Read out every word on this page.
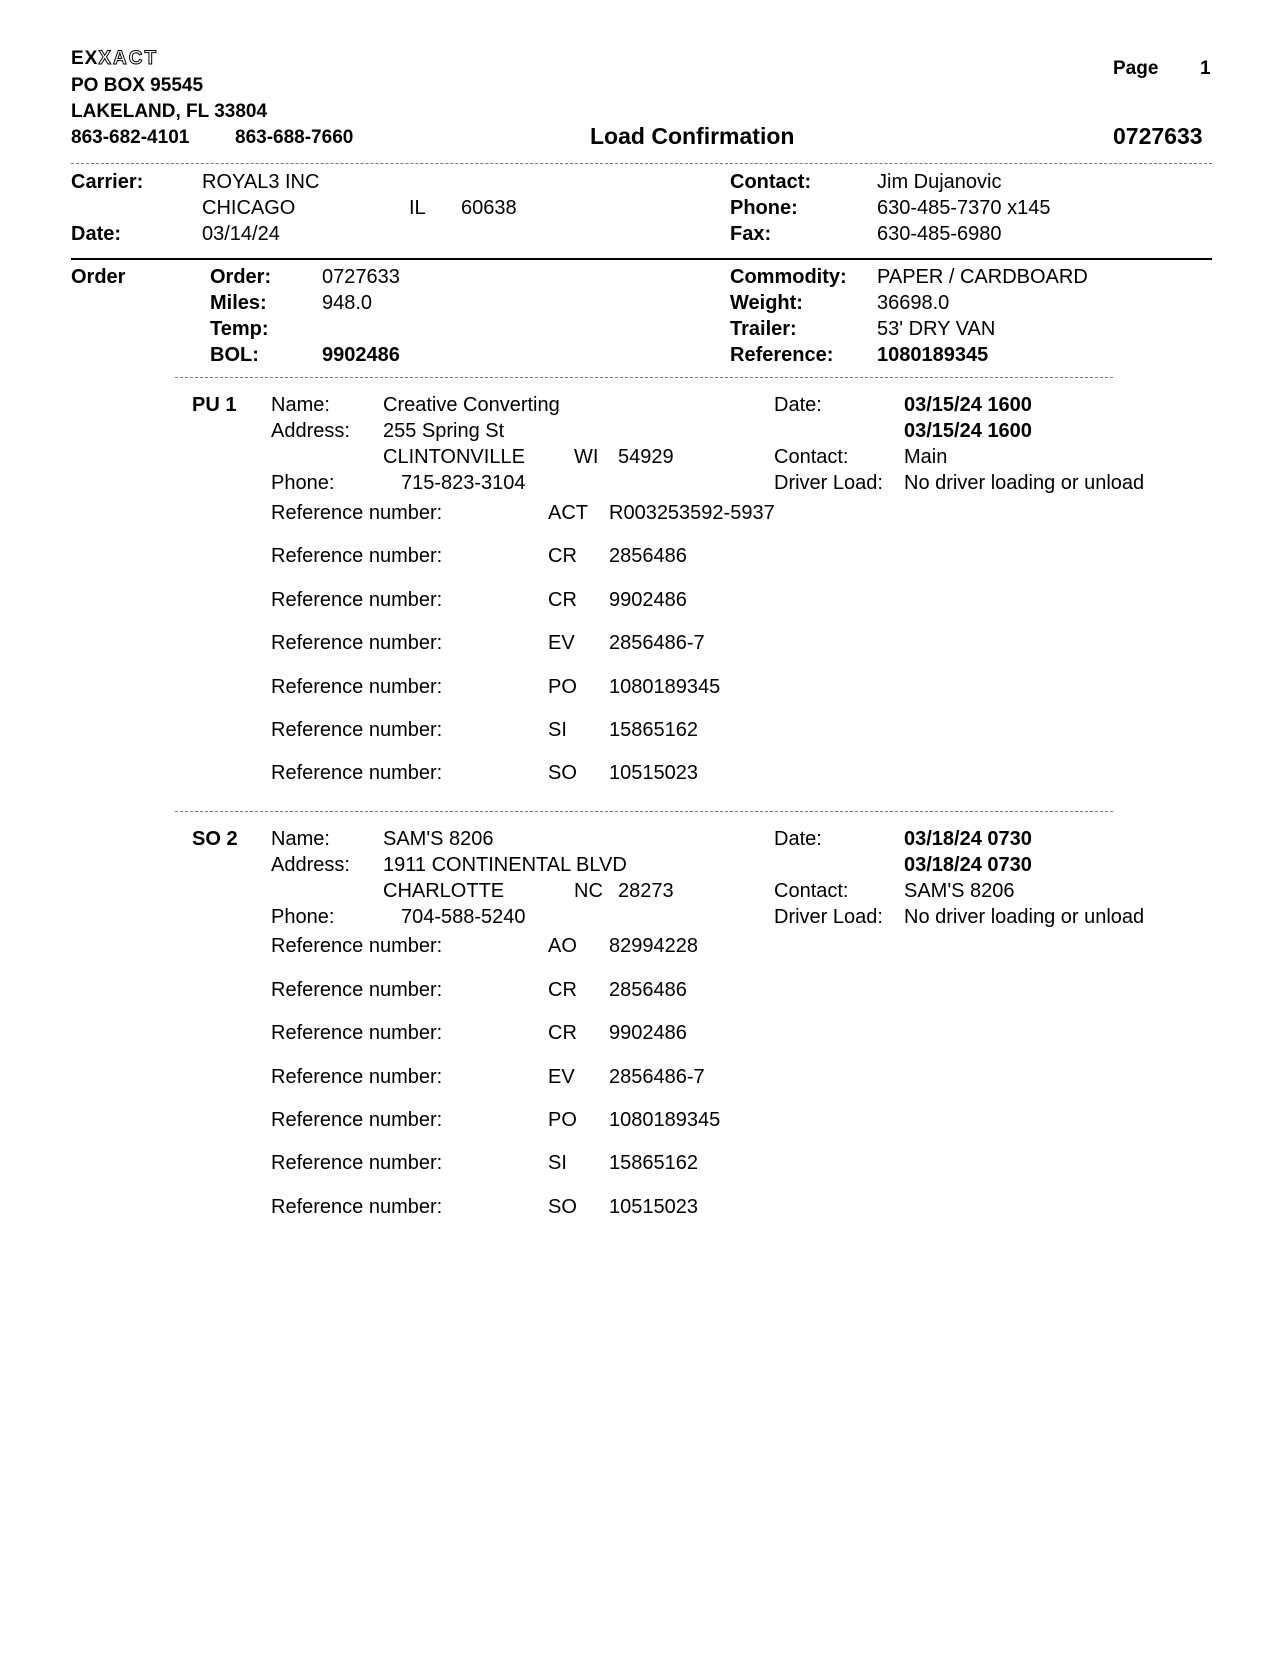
EXXACT
PO BOX 95545
LAKELAND, FL 33804
863-682-4101 863-688-7660	Load Confirmation
Page 1
0727633
Carrier:	ROYAL3 INC
CHICAGO	IL 60638
Date:	03/14/24
Contact:	Jim Dujanovic
Phone:	630-485-7370 x145
Fax:	630-485-6980
Order	Order:	0727633
Miles:	948.0
Temp:
BOL:	9902486
Commodity: PAPER / CARDBOARD
Weight:	36698.0
Trailer:	53' DRY VAN
Reference: 1080189345
PU 1 Name:	Creative Converting
Address: 255 Spring St
CLINTONVILLE WI 54929
Phone:	715-823-3104
Date:	03/15/24 1600
03/15/24 1600
Contact:	Main
Driver Load: No driver loading or unload
Reference number:	ACT R003253592-5937
Reference number:	CR 2856486
Reference number:	CR 9902486
Reference number:	EV 2856486-7
Reference number:	PO 1080189345
Reference number:	SI 15865162
Reference number:	SO 10515023
SO 2 Name:	SAM'S 8206
Address: 1911 CONTINENTAL BLVD
CHARLOTTE	NC 28273
Phone:	704-588-5240
Date:	03/18/24 0730
03/18/24 0730
Contact:	SAM'S 8206
Driver Load: No driver loading or unload
Reference number:	AO 82994228
Reference number:	CR 2856486
Reference number:	CR 9902486
Reference number:	EV 2856486-7
Reference number:	PO 1080189345
Reference number:	SI 15865162
Reference number:	SO 10515023
